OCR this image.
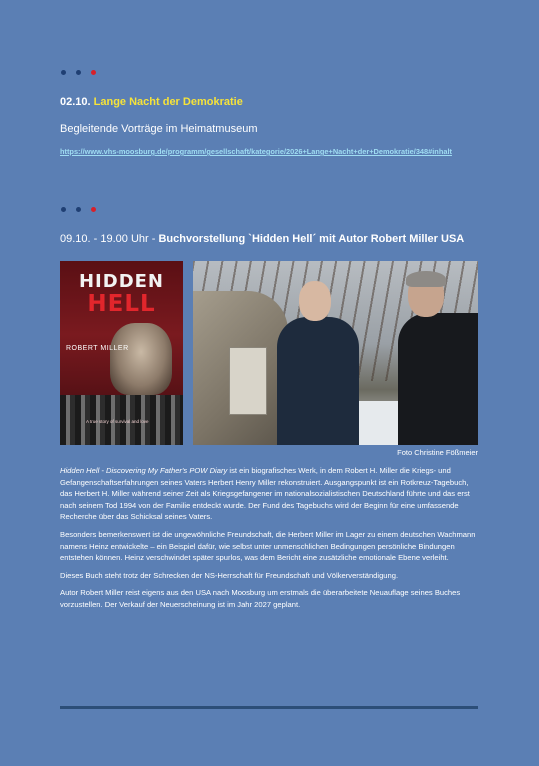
02.10. Lange Nacht der Demokratie
Begleitende Vorträge im Heimatmuseum
https://www.vhs-moosburg.de/programm/gesellschaft/kategorie/2026+Lange+Nacht+der+Demokratie/348#inhalt
09.10. - 19.00 Uhr - Buchvorstellung `Hidden Hell´ mit Autor Robert Miller USA
HIDDEN
HELL
ROBERT MILLER
A true story of survival and love
Foto Christine Fößmeier

Hidden Hell - Discovering My Father's POW Diary ist ein biografisches Werk, in dem Robert H. Miller die Kriegs- und Gefangenschaftserfahrungen seines Vaters Herbert Henry Miller rekonstruiert. Ausgangspunkt ist ein Rotkreuz-Tagebuch, das Herbert H. Miller während seiner Zeit als Kriegsgefangener im nationalsozialistischen Deutschland führte und das erst nach seinem Tod 1994 von der Familie entdeckt wurde. Der Fund des Tagebuchs wird der Beginn für eine umfassende Recherche über das Schicksal seines Vaters.

Besonders bemerkenswert ist die ungewöhnliche Freundschaft, die Herbert Miller im Lager zu einem deutschen Wachmann namens Heinz entwickelte – ein Beispiel dafür, wie selbst unter unmenschlichen Bedingungen persönliche Bindungen entstehen können. Heinz verschwindet später spurlos, was dem Bericht eine zusätzliche emotionale Ebene verleiht.

Dieses Buch steht trotz der Schrecken der NS-Herrschaft für Freundschaft und Völkerverständigung.

Autor Robert Miller reist eigens aus den USA nach Moosburg um erstmals die überarbeitete Neuauflage seines Buches vorzustellen. Der Verkauf der Neuerscheinung ist im Jahr 2027 geplant.
